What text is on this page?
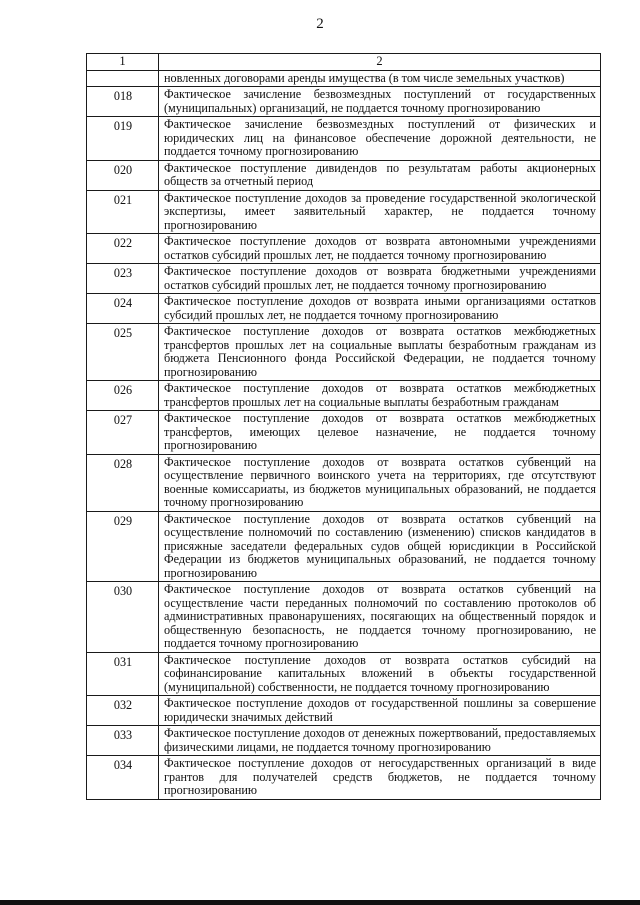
2
1	2
	новленных договорами аренды имущества (в том числе земельных участков)
018	Фактическое зачисление безвозмездных поступлений от государственных (муниципальных) организаций, не поддается точному прогнозированию
019	Фактическое зачисление безвозмездных поступлений от физических и юридических лиц на финансовое обеспечение дорожной деятельности, не поддается точному прогнозированию
020	Фактическое поступление дивидендов по результатам работы акционерных обществ за отчетный период
021	Фактическое поступление доходов за проведение государственной экологической экспертизы, имеет заявительный характер, не поддается точному прогнозированию
022	Фактическое поступление доходов от возврата автономными учреждениями остатков субсидий прошлых лет, не поддается точному прогнозированию
023	Фактическое поступление доходов от возврата бюджетными учреждениями остатков субсидий прошлых лет, не поддается точному прогнозированию
024	Фактическое поступление доходов от возврата иными организациями остатков субсидий прошлых лет, не поддается точному прогнозированию
025	Фактическое поступление доходов от возврата остатков межбюджетных трансфертов прошлых лет на социальные выплаты безработным гражданам из бюджета Пенсионного фонда Российской Федерации, не поддается точному прогнозированию
026	Фактическое поступление доходов от возврата остатков межбюджетных трансфертов прошлых лет на социальные выплаты безработным гражданам
027	Фактическое поступление доходов от возврата остатков межбюджетных трансфертов, имеющих целевое назначение, не поддается точному прогнозированию
028	Фактическое поступление доходов от возврата остатков субвенций на осуществление первичного воинского учета на территориях, где отсутствуют военные комиссариаты, из бюджетов муниципальных образований, не поддается точному прогнозированию
029	Фактическое поступление доходов от возврата остатков субвенций на осуществление полномочий по составлению (изменению) списков кандидатов в присяжные заседатели федеральных судов общей юрисдикции в Российской Федерации из бюджетов муниципальных образований, не поддается точному прогнозированию
030	Фактическое поступление доходов от возврата остатков субвенций на осуществление части переданных полномочий по составлению протоколов об административных правонарушениях, посягающих на общественный порядок и общественную безопасность, не поддается точному прогнозированию, не поддается точному прогнозированию
031	Фактическое поступление доходов от возврата остатков субсидий на софинансирование капитальных вложений в объекты государственной (муниципальной) собственности, не поддается точному прогнозированию
032	Фактическое поступление доходов от государственной пошлины за совершение юридически значимых действий
033	Фактическое поступление доходов от денежных пожертвований, предоставляемых физическими лицами, не поддается точному прогнозированию
034	Фактическое поступление доходов от негосударственных организаций в виде грантов для получателей средств бюджетов, не поддается точному прогнозированию
